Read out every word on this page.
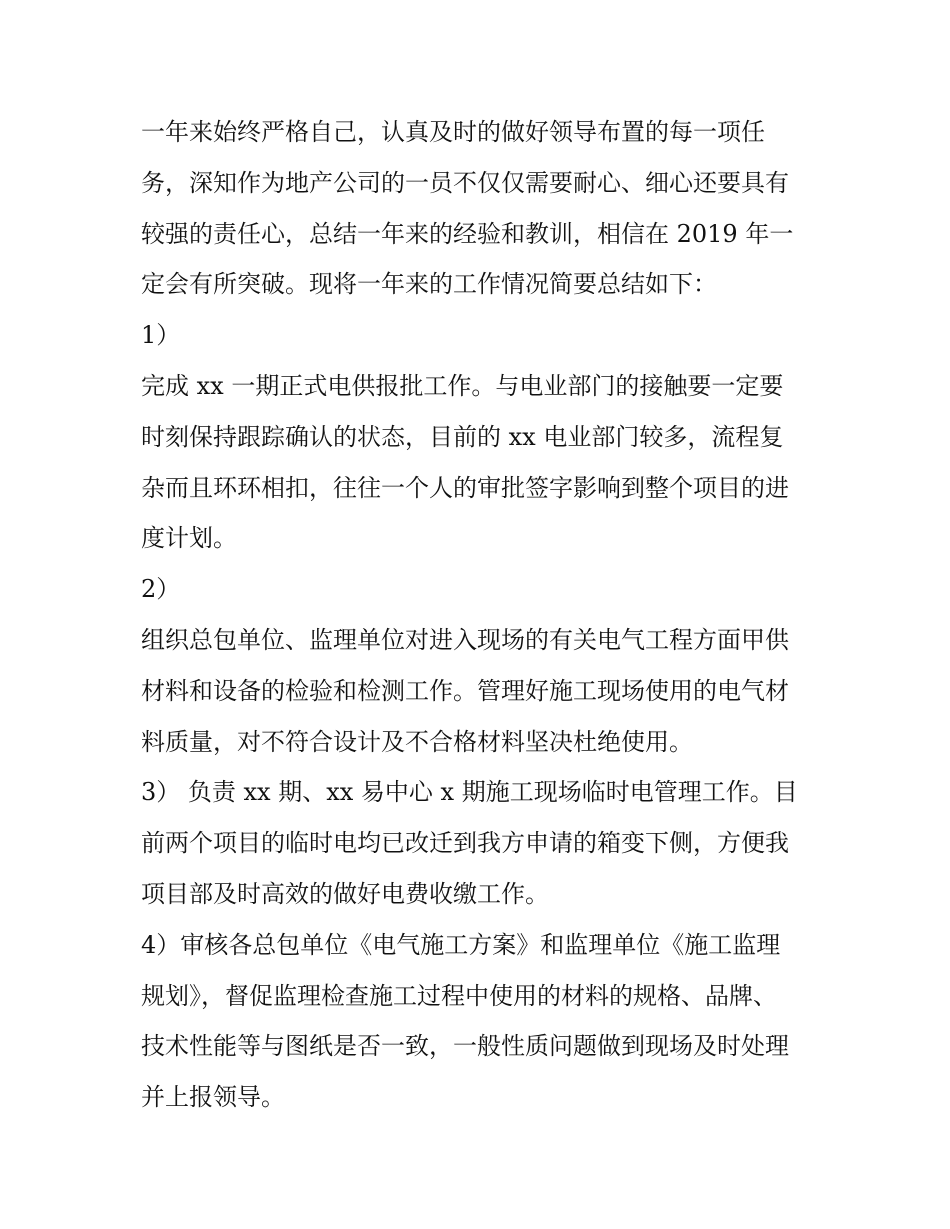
一年来始终严格自己，认真及时的做好领导布置的每一项任
务，深知作为地产公司的一员不仅仅需要耐心、细心还要具有
较强的责任心，总结一年来的经验和教训，相信在 2019 年一
定会有所突破。现将一年来的工作情况简要总结如下：
1）
完成 xx 一期正式电供报批工作。与电业部门的接触要一定要
时刻保持跟踪确认的状态，目前的 xx 电业部门较多，流程复
杂而且环环相扣，往往一个人的审批签字影响到整个项目的进
度计划。
2）
组织总包单位、监理单位对进入现场的有关电气工程方面甲供
材料和设备的检验和检测工作。管理好施工现场使用的电气材
料质量，对不符合设计及不合格材料坚决杜绝使用。
3） 负责 xx 期、xx 易中心 x 期施工现场临时电管理工作。目
前两个项目的临时电均已改迁到我方申请的箱变下侧，方便我
项目部及时高效的做好电费收缴工作。
4）审核各总包单位《电气施工方案》和监理单位《施工监理
规划》，督促监理检查施工过程中使用的材料的规格、品牌、
技术性能等与图纸是否一致，一般性质问题做到现场及时处理
并上报领导。
